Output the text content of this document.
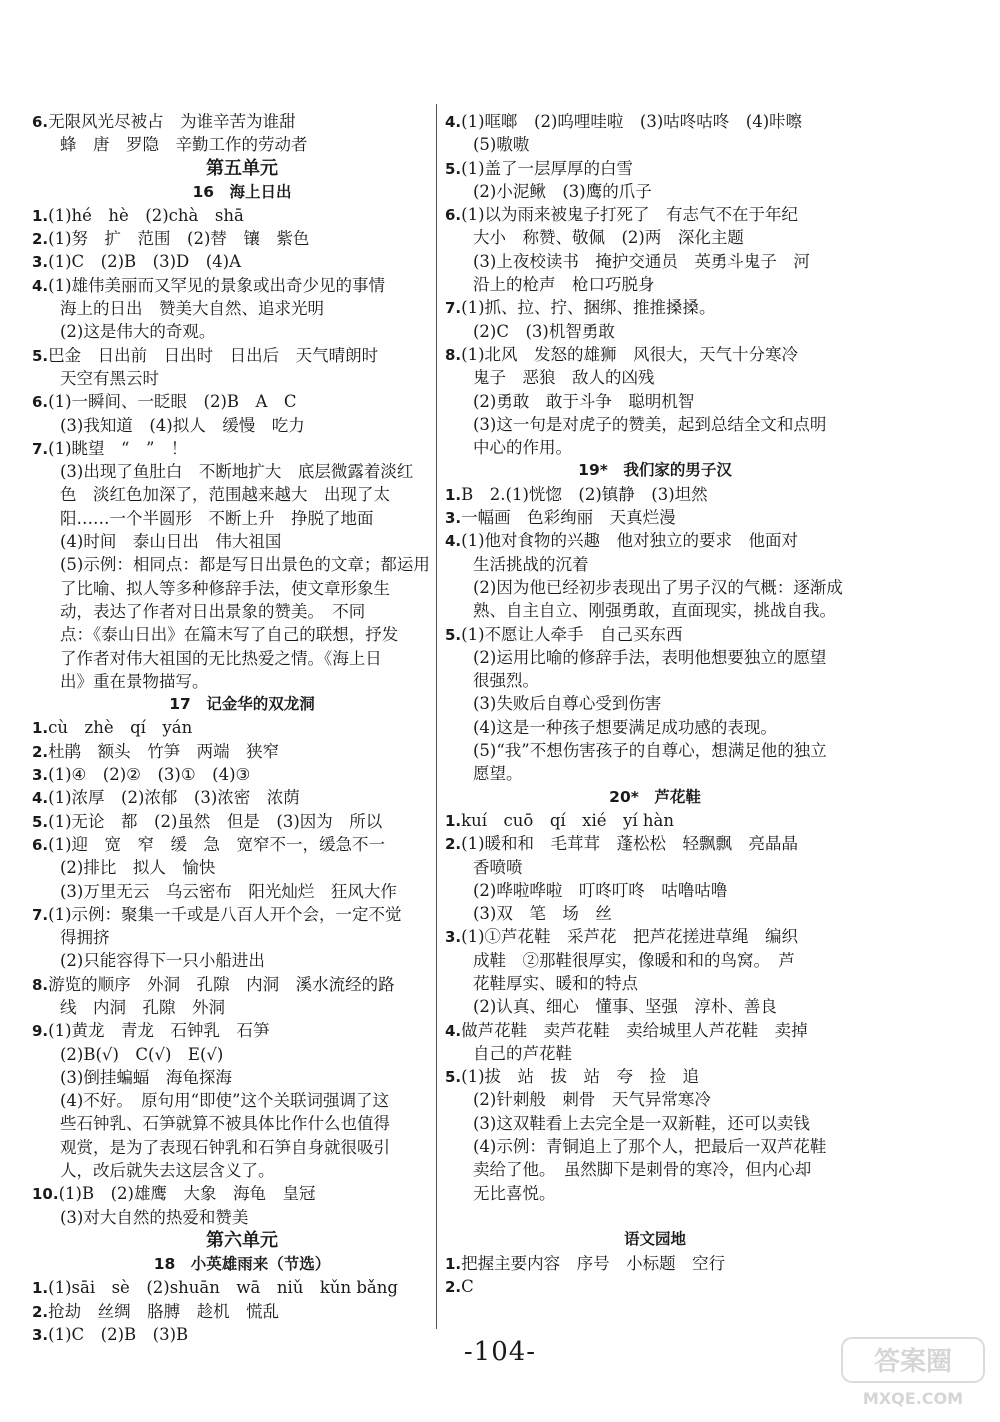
6.无限风光尽被占　为谁辛苦为谁甜
蜂　唐　罗隐　辛勤工作的劳动者
第五单元
16　海上日出
1.(1)hé　hè　(2)chà　shā
2.(1)努　扩　范围　(2)替　镶　紫色
3.(1)C　(2)B　(3)D　(4)A
4.(1)雄伟美丽而又罕见的景象或出奇少见的事情
海上的日出　赞美大自然、追求光明
(2)这是伟大的奇观。
5.巴金　日出前　日出时　日出后　天气晴朗时
天空有黑云时
6.(1)一瞬间、一眨眼　(2)B　A　C
(3)我知道　(4)拟人　缓慢　吃力
7.(1)眺望　“　”　！
(3)出现了鱼肚白　不断地扩大　底层微露着淡红
色　淡红色加深了，范围越来越大　出现了太
阳……一个半圆形　不断上升　挣脱了地面
(4)时间　泰山日出　伟大祖国
(5)示例：相同点：都是写日出景色的文章；都运用
了比喻、拟人等多种修辞手法，使文章形象生
动，表达了作者对日出景象的赞美。　不同
点：《泰山日出》在篇末写了自己的联想，抒发
了作者对伟大祖国的无比热爱之情。《海上日
出》重在景物描写。
17　记金华的双龙洞
1.cù　zhè　qí　yán
2.杜鹃　额头　竹笋　两端　狭窄
3.(1)④　(2)②　(3)①　(4)③
4.(1)浓厚　(2)浓郁　(3)浓密　浓荫
5.(1)无论　都　(2)虽然　但是　(3)因为　所以
6.(1)迎　宽　窄　缓　急　宽窄不一，缓急不一
(2)排比　拟人　愉快
(3)万里无云　乌云密布　阳光灿烂　狂风大作
7.(1)示例：聚集一千或是八百人开个会，一定不觉
得拥挤
(2)只能容得下一只小船进出
8.游览的顺序　外洞　孔隙　内洞　溪水流经的路
线　内洞　孔隙　外洞
9.(1)黄龙　青龙　石钟乳　石笋
(2)B(√)　C(√)　E(√)
(3)倒挂蝙蝠　海龟探海
(4)不好。　原句用“即使”这个关联词强调了这
些石钟乳、石笋就算不被具体比作什么也值得
观赏，是为了表现石钟乳和石笋自身就很吸引
人，改后就失去这层含义了。
10.(1)B　(2)雄鹰　大象　海龟　皇冠
(3)对大自然的热爱和赞美
第六单元
18　小英雄雨来（节选）
1.(1)sāi　sè　(2)shuān　wā　niǔ　kǔn bǎng
2.抢劫　丝绸　胳膊　趁机　慌乱
3.(1)C　(2)B　(3)B
4.(1)哐啷　(2)呜哩哇啦　(3)咕咚咕咚　(4)咔嚓
(5)嗷嗷
5.(1)盖了一层厚厚的白雪
(2)小泥鳅　(3)鹰的爪子
6.(1)以为雨来被鬼子打死了　有志气不在于年纪
大小　称赞、敬佩　(2)两　深化主题
(3)上夜校读书　掩护交通员　英勇斗鬼子　河
沿上的枪声　枪口巧脱身
7.(1)抓、拉、拧、捆绑、推推搡搡。
(2)C　(3)机智勇敢
8.(1)北风　发怒的雄狮　风很大，天气十分寒冷
鬼子　恶狼　敌人的凶残
(2)勇敢　敢于斗争　聪明机智
(3)这一句是对虎子的赞美，起到总结全文和点明
中心的作用。
19*　我们家的男子汉
1.B　2.(1)恍惚　(2)镇静　(3)坦然
3.一幅画　色彩绚丽　天真烂漫
4.(1)他对食物的兴趣　他对独立的要求　他面对
生活挑战的沉着
(2)因为他已经初步表现出了男子汉的气概：逐渐成
熟、自主自立、刚强勇敢，直面现实，挑战自我。
5.(1)不愿让人牵手　自己买东西
(2)运用比喻的修辞手法，表明他想要独立的愿望
很强烈。
(3)失败后自尊心受到伤害
(4)这是一种孩子想要满足成功感的表现。
(5)“我”不想伤害孩子的自尊心，想满足他的独立
愿望。
20*　芦花鞋
1.kuí　cuō　qí　xié　yí hàn
2.(1)暖和和　毛茸茸　蓬松松　轻飘飘　亮晶晶
香喷喷
(2)哗啦哗啦　叮咚叮咚　咕噜咕噜
(3)双　笔　场　丝
3.(1)①芦花鞋　采芦花　把芦花搓进草绳　编织
成鞋　②那鞋很厚实，像暖和和的鸟窝。　芦
花鞋厚实、暖和的特点
(2)认真、细心　懂事、坚强　淳朴、善良
4.做芦花鞋　卖芦花鞋　卖给城里人芦花鞋　卖掉
自己的芦花鞋
5.(1)拔　站　拔　站　夸　捡　追
(2)针刺般　刺骨　天气异常寒冷
(3)这双鞋看上去完全是一双新鞋，还可以卖钱
(4)示例：青铜追上了那个人，把最后一双芦花鞋
卖给了他。　虽然脚下是刺骨的寒冷，但内心却
无比喜悦。
语文园地
1.把握主要内容　序号　小标题　空行
2.C
-104-	答案圈
MXQE.COM
